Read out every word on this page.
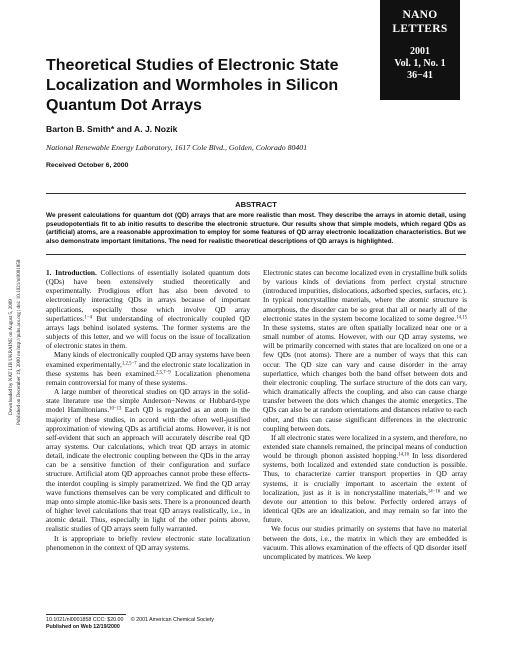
NANO
LETTERS
2001
Vol. 1, No. 1
36−41
Theoretical Studies of Electronic State Localization and Wormholes in Silicon Quantum Dot Arrays
Barton B. Smith* and A. J. Nozik
National Renewable Energy Laboratory, 1617 Cole Blvd., Golden, Colorado 80401
Received October 6, 2000
ABSTRACT

We present calculations for quantum dot (QD) arrays that are more realistic than most. They describe the arrays in atomic detail, using pseudopotentials fit to ab initio results to describe the electronic structure. Our results show that simple models, which regard QDs as (artificial) atoms, are a reasonable approximation to employ for some features of QD array electronic localization characteristics. But we also demonstrate important limitations. The need for realistic theoretical descriptions of QD arrays is highlighted.

Downloaded by NAT LIB UKRAINE on August 5, 2009 Published on December 19, 2000 on http://pubs.acs.org | doi: 10.1021/nl0001858	1. Introduction. Collections of essentially isolated quantum dots (QDs) have been extensively studied theoretically and experimentally. Prodigious effort has also been devoted to electronically interacting QDs in arrays because of important applications, especially those which involve QD array superlattices.$^{1-4}$ But understanding of electronically coupled QD arrays lags behind isolated systems. The former systems are the subjects of this letter, and we will focus on the issue of localization of electronic states in them.

Many kinds of electronically coupled QD array systems have been examined experimentally,$^{1,2,5-7}$ and the electronic state localization in these systems has been examined.$^{2,5,7-9}$ Localization phenomena remain controversial for many of these systems.

A large number of theoretical studies on QD arrays in the solid-state literature use the simple Anderson−Newns or Hubbard-type model Hamiltonians.$^{10-13}$ Each QD is regarded as an atom in the majority of these studies, in accord with the often well-justified approximation of viewing QDs as artificial atoms. However, it is not self-evident that such an approach will accurately describe real QD array systems. Our calculations, which treat QD arrays in atomic detail, indicate the electronic coupling between the QDs in the array can be a sensitive function of their configuration and surface structure. Artificial atom QD approaches cannot probe these effects- the interdot coupling is simply parametrized. We find the QD array wave functions themselves can be very complicated and difficult to map onto simple atomic-like basis sets. There is a pronounced dearth of higher level calculations that treat QD arrays realistically, i.e., in atomic detail. Thus, especially in light of the other points above, realistic studies of QD arrays seem fully warranted.

It is appropriate to briefly review electronic state localization phenomenon in the context of QD array systems.

Electronic states can become localized even in crystalline bulk solids by various kinds of deviations from perfect crystal structure (introduced impurities, dislocations, adsorbed species, surfaces, etc.). In typical noncrystalline materials, where the atomic structure is amorphous, the disorder can be so great that all or nearly all of the electronic states in the system become localized to some degree.$^{14,15}$ In these systems, states are often spatially localized near one or a small number of atoms. However, with our QD array systems, we will be primarily concerned with states that are localized on one or a few QDs (not atoms). There are a number of ways that this can occur. The QD size can vary and cause disorder in the array superlattice, which changes both the band offset between dots and their electronic coupling. The surface structure of the dots can vary, which dramatically affects the coupling, and also can cause charge transfer between the dots which changes the atomic energetics. The QDs can also be at random orientations and distances relative to each other, and this can cause significant differences in the electronic coupling between dots.

If all electronic states were localized in a system, and therefore, no extended state channels remained, the principal means of conduction would be through phonon assisted hopping.$^{14,16}$ In less disordered systems, both localized and extended state conduction is possible. Thus, to characterize carrier transport properties in QD array systems, it is crucially important to ascertain the extent of localization, just as it is in noncrystalline materials,$^{14-16}$ and we devote our attention to this below. Perfectly ordered arrays of identical QDs are an idealization, and may remain so far into the future.

We focus our studies primarily on systems that have no material between the dots, i.e., the matrix in which they are embedded is vacuum. This allows examination of the effects of QD disorder itself uncomplicated by matrices. We keep

10.1021/nl0001858 CCC: $20.00     © 2001 American Chemical Society
Published on Web 12/19/2000
